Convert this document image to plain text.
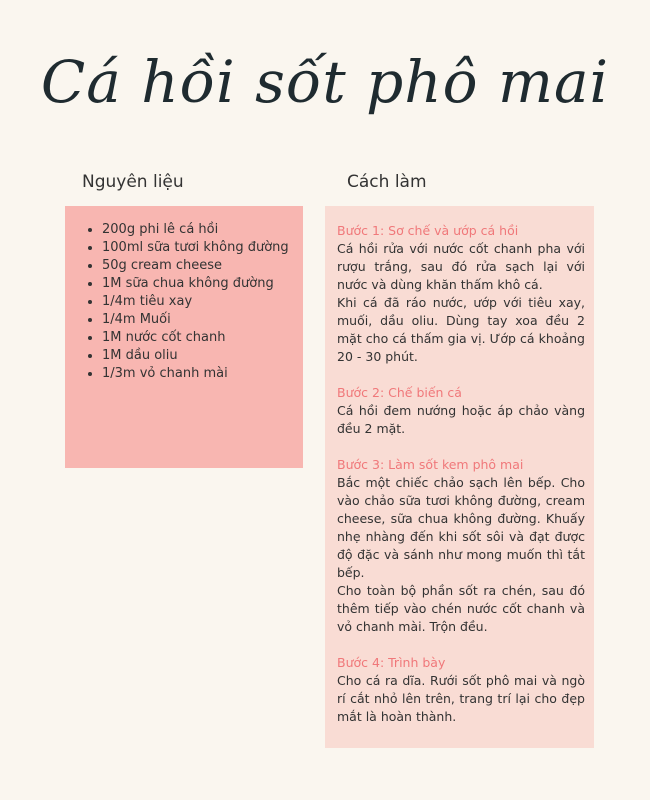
Cá hồi sốt phô mai
Nguyên liệu	Cách làm
• 200g phi lê cá hồi
• 100ml sữa tươi không đường
• 50g cream cheese
• 1M sữa chua không đường
• 1/4m tiêu xay
• 1/4m Muối
• 1M nước cốt chanh
• 1M dầu oliu
• 1/3m vỏ chanh mài
Bước 1: Sơ chế và ướp cá hồi
Cá hồi rửa với nước cốt chanh pha với rượu trắng, sau đó rửa sạch lại với nước và dùng khăn thấm khô cá.
Khi cá đã ráo nước, ướp với tiêu xay, muối, dầu oliu. Dùng tay xoa đều 2 mặt cho cá thấm gia vị. Ướp cá khoảng 20 - 30 phút.
Bước 2: Chế biến cá
Cá hồi đem nướng hoặc áp chảo vàng đều 2 mặt.
Bước 3: Làm sốt kem phô mai
Bắc một chiếc chảo sạch lên bếp. Cho vào chảo sữa tươi không đường, cream cheese, sữa chua không đường. Khuấy nhẹ nhàng đến khi sốt sôi và đạt được độ đặc và sánh như mong muốn thì tắt bếp.
Cho toàn bộ phần sốt ra chén, sau đó thêm tiếp vào chén nước cốt chanh và vỏ chanh mài. Trộn đều.
Bước 4: Trình bày
Cho cá ra dĩa. Rưới sốt phô mai và ngò rí cắt nhỏ lên trên, trang trí lại cho đẹp mắt là hoàn thành.
